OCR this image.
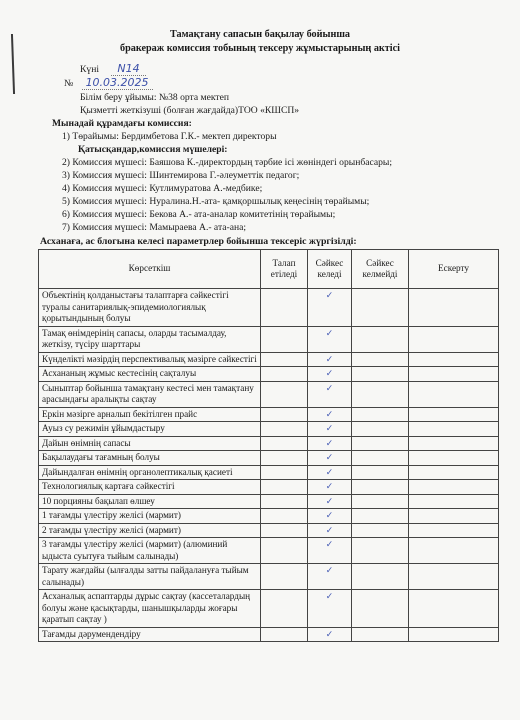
Тамақтану сапасын бақылау бойынша
бракераж комиссия тобының тексеру жұмыстарының актісі
Күні N14
№ 10.03.2025
Білім беру ұйымы: №38 орта мектеп
Қызметті жеткізуші (болған жағдайда)ТОО «КШСП»
Мынадай құрамдағы комиссия:
1) Төрайымы: Бердимбетова Г.К.- мектеп директоры
Қатысқандар,комиссия мүшелері:
2) Комиссия мүшесі: Баяшова К.-директордың тәрбие ісі жөніндегі орынбасары;
3) Комиссия мүшесі: Шинтемирова Г.-әлеуметтік педагог;
4) Комиссия мүшесі: Кутлимуратова А.-медбике;
5) Комиссия мүшесі: Нуралина.Н.-ата- қамқоршылық кеңесінің төрайымы;
6) Комиссия мүшесі: Бекова А.- ата-аналар комитетінің төрайымы;
7) Комиссия мүшесі: Мамыраева А.- ата-ана;
Асханаға, ас блогына келесі параметрлер бойынша тексеріс жүргізілді:
Көрсеткіш	Талап етіледі	Сәйкес келеді	Сәйкес келмейді	Ескерту
Объектінің қолданыстағы талаптарға сәйкестігі туралы санитариялық-эпидемиологиялық қорытындының болуы		✓		
Тамақ өнімдерінің сапасы, оларды тасымалдау, жеткізу, түсіру шарттары		✓		
Күнделікті мәзірдің перспективалық мәзірге сәйкестігі		✓		
Асхананың жұмыс кестесінің сақталуы		✓		
Сыныптар бойынша тамақтану кестесі мен тамақтану арасындағы аралықты сақтау		✓		
Еркін мәзірге арналып бекітілген прайс		✓		
Ауыз су режимін ұйымдастыру		✓		
Дайын өнімнің сапасы		✓		
Бақылаудағы тағамның болуы		✓		
Дайындалған өнімнің органолептикалық қасиеті		✓		
Технологиялық картаға сәйкестігі		✓		
10 порцияны бақылап өлшеу		✓		
1 тағамды үлестіру желісі (мармит)		✓		
2 тағамды үлестіру желісі (мармит)		✓		
3 тағамды үлестіру желісі (мармит) (алюминий ыдыста суытуға тыйым салынады)		✓		
Тарату жағдайы (ылғалды затты пайдалануға тыйым салынады)		✓		
Асханалық аспаптарды дұрыс сақтау (кассеталардың болуы және қасықтарды, шанышқыларды жоғары қаратып сақтау )		✓		
Тағамды дәрумендендіру		✓		
